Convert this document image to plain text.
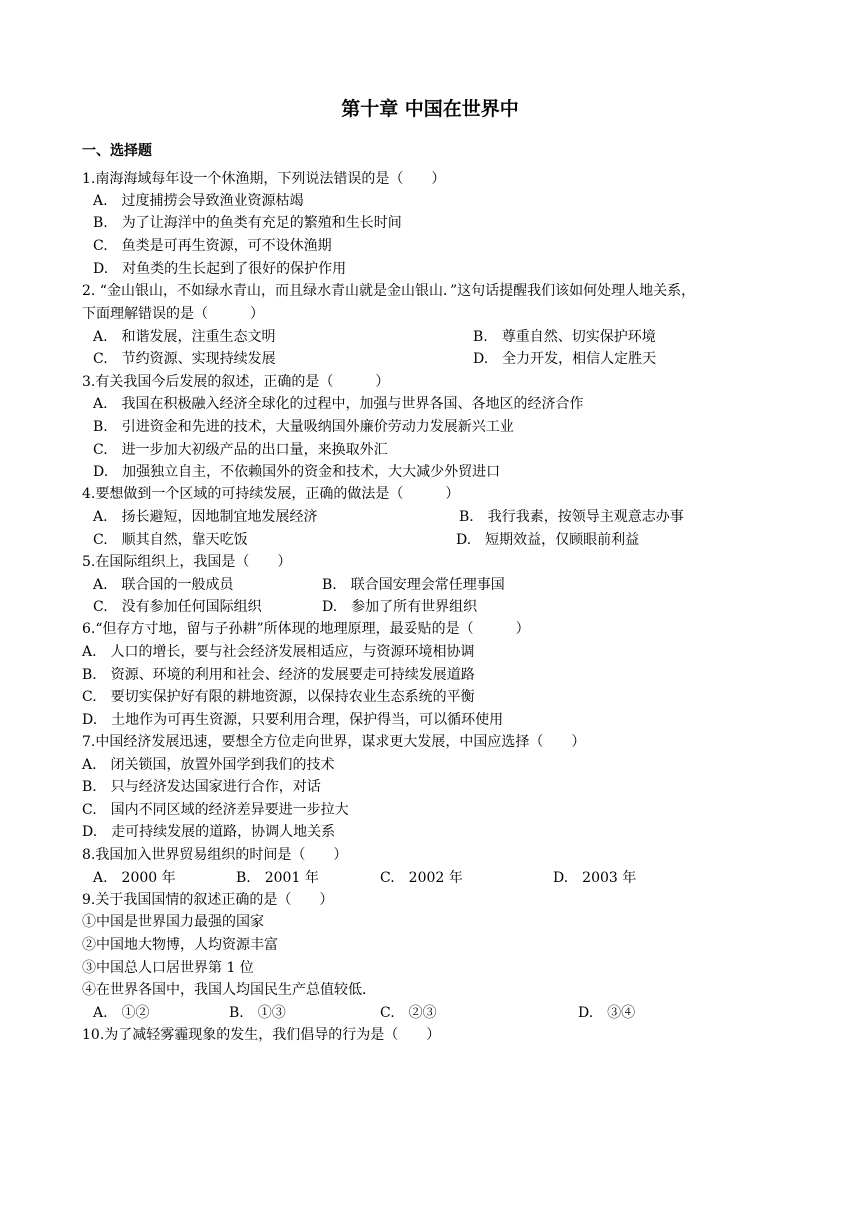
第十章 中国在世界中
一、选择题
1.南海海域每年设一个休渔期，下列说法错误的是（　　）
A.　过度捕捞会导致渔业资源枯竭
B.　为了让海洋中的鱼类有充足的繁殖和生长时间
C.　鱼类是可再生资源，可不设休渔期
D.　对鱼类的生长起到了很好的保护作用
2. “金山银山，不如绿水青山，而且绿水青山就是金山银山．”这句话提醒我们该如何处理人地关系，
下面理解错误的是（　　　）
A.　和谐发展，注重生态文明	B.　尊重自然、切实保护环境
C.　节约资源、实现持续发展	D.　全力开发，相信人定胜天
3.有关我国今后发展的叙述，正确的是（　　　）
A.　我国在积极融入经济全球化的过程中，加强与世界各国、各地区的经济合作
B.　引进资金和先进的技术，大量吸纳国外廉价劳动力发展新兴工业
C.　进一步加大初级产品的出口量，来换取外汇
D.　加强独立自主，不依赖国外的资金和技术，大大减少外贸进口
4.要想做到一个区域的可持续发展，正确的做法是（　　　）
A.　扬长避短，因地制宜地发展经济	B.　我行我素，按领导主观意志办事
C.　顺其自然，靠天吃饭	D.　短期效益，仅顾眼前利益
5.在国际组织上，我国是（　　）
A.　联合国的一般成员	B.　联合国安理会常任理事国
C.　没有参加任何国际组织	D.　参加了所有世界组织
6.“但存方寸地，留与子孙耕”所体现的地理原理，最妥贴的是（　　　）
A.　人口的增长，要与社会经济发展相适应，与资源环境相协调
B.　资源、环境的利用和社会、经济的发展要走可持续发展道路
C.　要切实保护好有限的耕地资源，以保持农业生态系统的平衡
D.　土地作为可再生资源，只要利用合理，保护得当，可以循环使用
7.中国经济发展迅速，要想全方位走向世界，谋求更大发展，中国应选择（　　）
A.　闭关锁国，放置外国学到我们的技术
B.　只与经济发达国家进行合作，对话
C.　国内不同区域的经济差异要进一步拉大
D.　走可持续发展的道路，协调人地关系
8.我国加入世界贸易组织的时间是（　　）
A.　2000 年	B.　2001 年	C.　2002 年	D.　2003 年
9.关于我国国情的叙述正确的是（　　）
①中国是世界国力最强的国家
②中国地大物博，人均资源丰富
③中国总人口居世界第 1 位
④在世界各国中，我国人均国民生产总值较低．
A.　①②	B.　①③	C.　②③	D.　③④
10.为了减轻雾霾现象的发生，我们倡导的行为是（　　）
